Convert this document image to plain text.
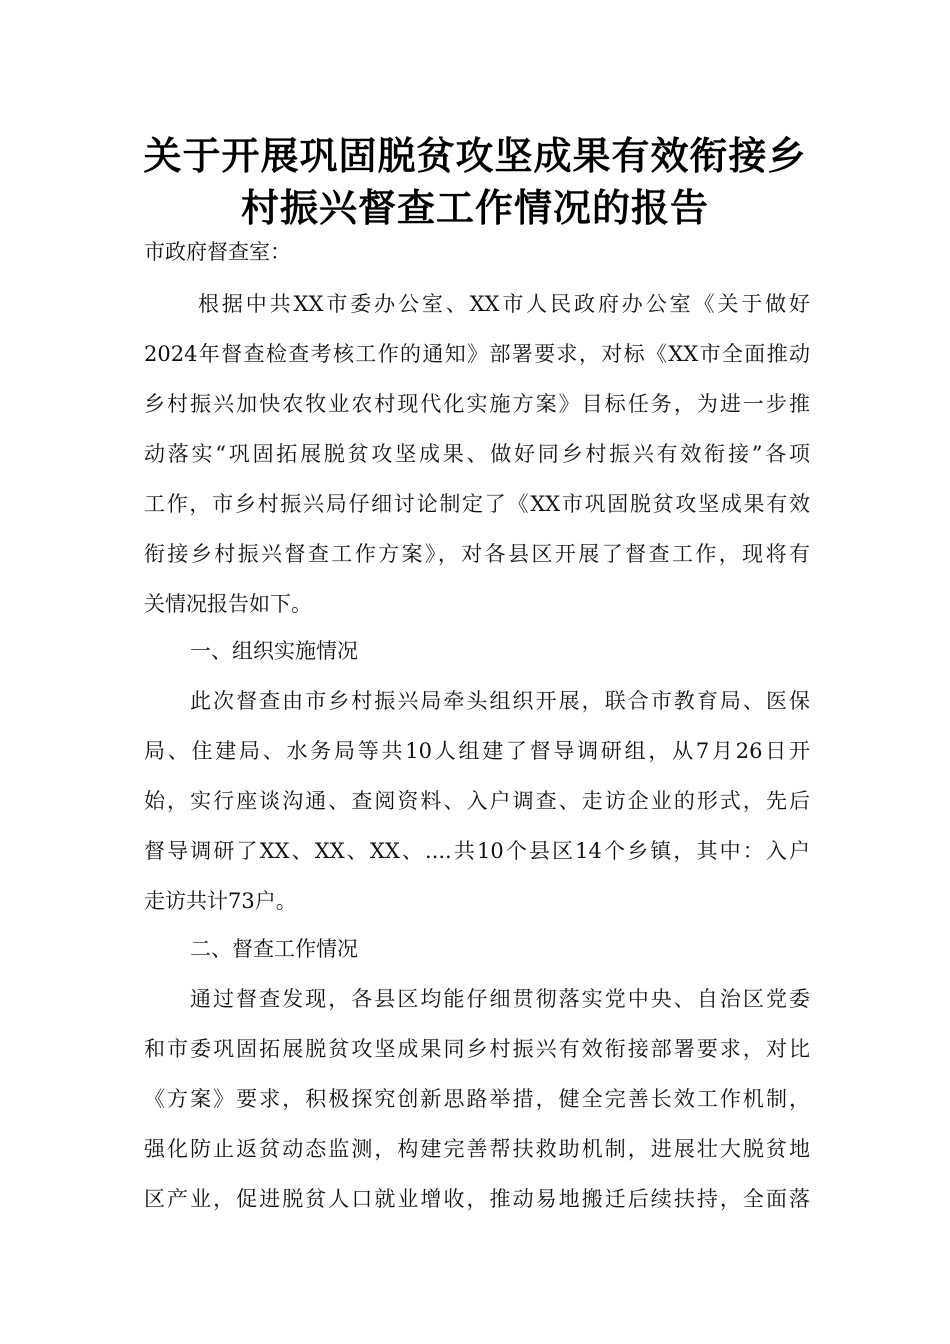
关于开展巩固脱贫攻坚成果有效衔接乡
村振兴督查工作情况的报告
市政府督查室：
根据中共XX市委办公室、XX市人民政府办公室《关于做好
2024年督查检查考核工作的通知》部署要求，对标《XX市全面推动
乡村振兴加快农牧业农村现代化实施方案》目标任务，为进一步推
动落实“巩固拓展脱贫攻坚成果、做好同乡村振兴有效衔接”各项
工作，市乡村振兴局仔细讨论制定了《XX市巩固脱贫攻坚成果有效
衔接乡村振兴督查工作方案》，对各县区开展了督查工作，现将有
关情况报告如下。
一、组织实施情况
此次督查由市乡村振兴局牵头组织开展，联合市教育局、医保
局、住建局、水务局等共10人组建了督导调研组，从7月26日开
始，实行座谈沟通、查阅资料、入户调查、走访企业的形式，先后
督导调研了XX、XX、XX、....共10个县区14个乡镇，其中：入户
走访共计73户。
二、督查工作情况
通过督查发现，各县区均能仔细贯彻落实党中央、自治区党委
和市委巩固拓展脱贫攻坚成果同乡村振兴有效衔接部署要求，对比
《方案》要求，积极探究创新思路举措，健全完善长效工作机制，
强化防止返贫动态监测，构建完善帮扶救助机制，进展壮大脱贫地
区产业，促进脱贫人口就业增收，推动易地搬迁后续扶持，全面落
